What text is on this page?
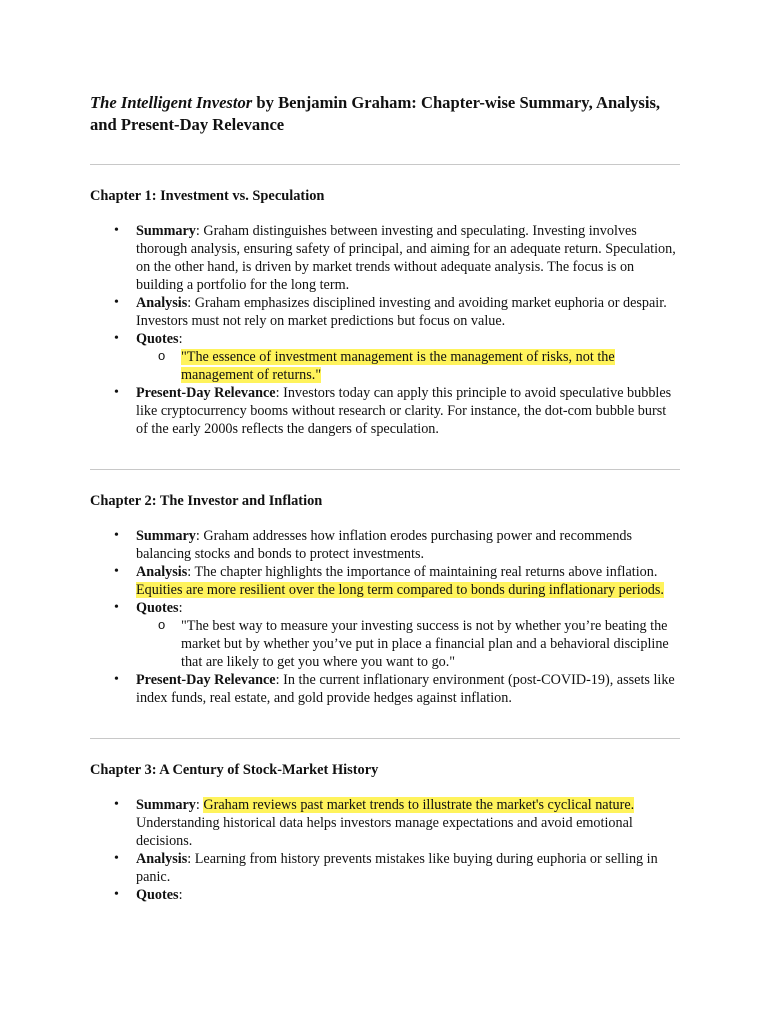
The Intelligent Investor by Benjamin Graham: Chapter-wise Summary, Analysis,
and Present-Day Relevance
Chapter 1: Investment vs. Speculation
• Summary: Graham distinguishes between investing and speculating. Investing involves thorough analysis, ensuring safety of principal, and aiming for an adequate return. Speculation, on the other hand, is driven by market trends without adequate analysis. The focus is on building a portfolio for the long term.
• Analysis: Graham emphasizes disciplined investing and avoiding market euphoria or despair. Investors must not rely on market predictions but focus on value.
• Quotes:
o "The essence of investment management is the management of risks, not the management of returns."
• Present-Day Relevance: Investors today can apply this principle to avoid speculative bubbles like cryptocurrency booms without research or clarity. For instance, the dot-com bubble burst of the early 2000s reflects the dangers of speculation.
Chapter 2: The Investor and Inflation
• Summary: Graham addresses how inflation erodes purchasing power and recommends balancing stocks and bonds to protect investments.
• Analysis: The chapter highlights the importance of maintaining real returns above inflation. Equities are more resilient over the long term compared to bonds during inflationary periods.
• Quotes:
o "The best way to measure your investing success is not by whether you’re beating the market but by whether you’ve put in place a financial plan and a behavioral discipline that are likely to get you where you want to go."
• Present-Day Relevance: In the current inflationary environment (post-COVID-19), assets like index funds, real estate, and gold provide hedges against inflation.
Chapter 3: A Century of Stock-Market History
• Summary: Graham reviews past market trends to illustrate the market's cyclical nature. Understanding historical data helps investors manage expectations and avoid emotional decisions.
• Analysis: Learning from history prevents mistakes like buying during euphoria or selling in panic.
• Quotes:
